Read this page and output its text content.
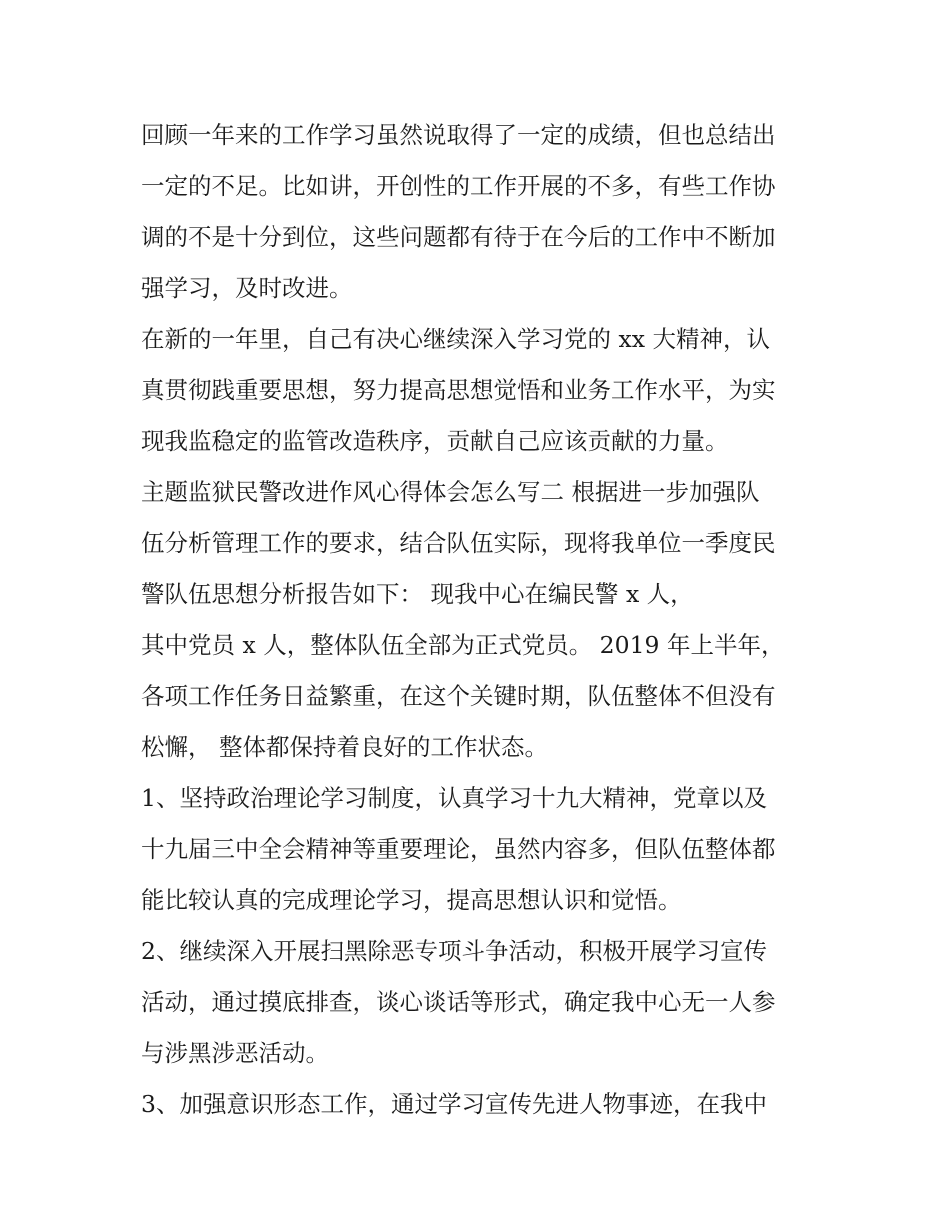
回顾一年来的工作学习虽然说取得了一定的成绩，但也总结出
一定的不足。比如讲，开创性的工作开展的不多，有些工作协
调的不是十分到位，这些问题都有待于在今后的工作中不断加
强学习，及时改进。
在新的一年里，自己有决心继续深入学习党的 xx 大精神，认
真贯彻践重要思想，努力提高思想觉悟和业务工作水平，为实
现我监稳定的监管改造秩序，贡献自己应该贡献的力量。
主题监狱民警改进作风心得体会怎么写二 根据进一步加强队
伍分析管理工作的要求，结合队伍实际，现将我单位一季度民
警队伍思想分析报告如下： 现我中心在编民警 x 人，
其中党员 x 人，整体队伍全部为正式党员。 2019 年上半年，
各项工作任务日益繁重，在这个关键时期，队伍整体不但没有
松懈， 整体都保持着良好的工作状态。
1、坚持政治理论学习制度，认真学习十九大精神，党章以及
十九届三中全会精神等重要理论，虽然内容多，但队伍整体都
能比较认真的完成理论学习，提高思想认识和觉悟。
2、继续深入开展扫黑除恶专项斗争活动，积极开展学习宣传
活动，通过摸底排查，谈心谈话等形式，确定我中心无一人参
与涉黑涉恶活动。
3、加强意识形态工作，通过学习宣传先进人物事迹，在我中
